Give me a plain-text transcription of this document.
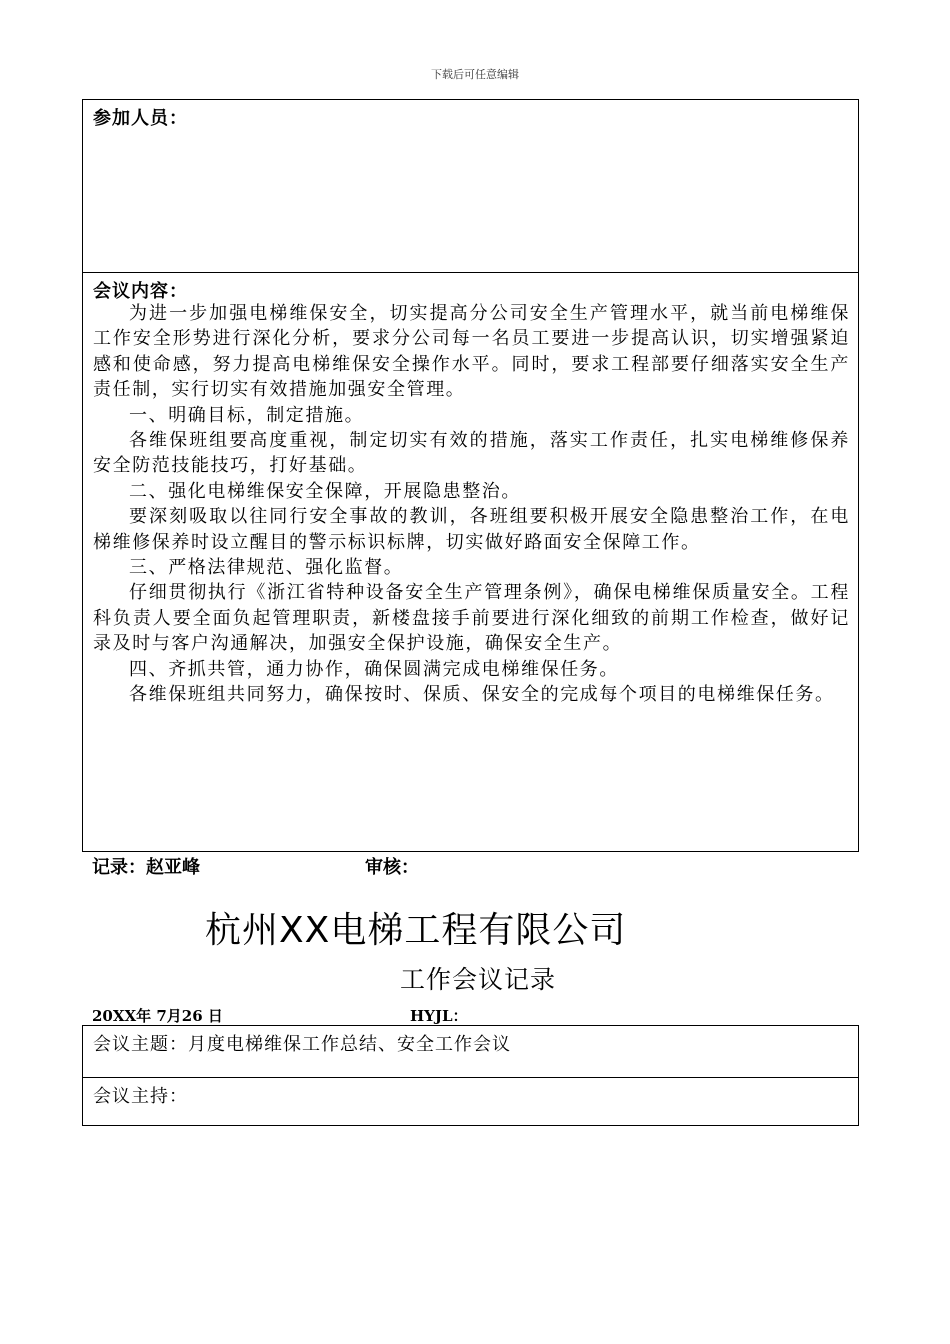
下载后可任意编辑
参加人员：
会议内容：

为进一步加强电梯维保安全，切实提高分公司安全生产管理水平，就当前电梯维保工作安全形势进行深化分析，要求分公司每一名员工要进一步提高认识，切实增强紧迫感和使命感，努力提高电梯维保安全操作水平。同时，要求工程部要仔细落实安全生产责任制，实行切实有效措施加强安全管理。

一、明确目标，制定措施。

各维保班组要高度重视，制定切实有效的措施，落实工作责任，扎实电梯维修保养安全防范技能技巧，打好基础。

二、强化电梯维保安全保障，开展隐患整治。

要深刻吸取以往同行安全事故的教训，各班组要积极开展安全隐患整治工作，在电梯维修保养时设立醒目的警示标识标牌，切实做好路面安全保障工作。

三、严格法律规范、强化监督。

仔细贯彻执行《浙江省特种设备安全生产管理条例》，确保电梯维保质量安全。工程科负责人要全面负起管理职责，新楼盘接手前要进行深化细致的前期工作检查，做好记录及时与客户沟通解决，加强安全保护设施，确保安全生产。

四、齐抓共管，通力协作，确保圆满完成电梯维保任务。

各维保班组共同努力，确保按时、保质、保安全的完成每个项目的电梯维保任务。

记录：赵亚峰	审核：
杭州XX电梯工程有限公司
工作会议记录
20XX年 7月26 日	HYJL：
会议主题：月度电梯维保工作总结、安全工作会议
会议主持：
